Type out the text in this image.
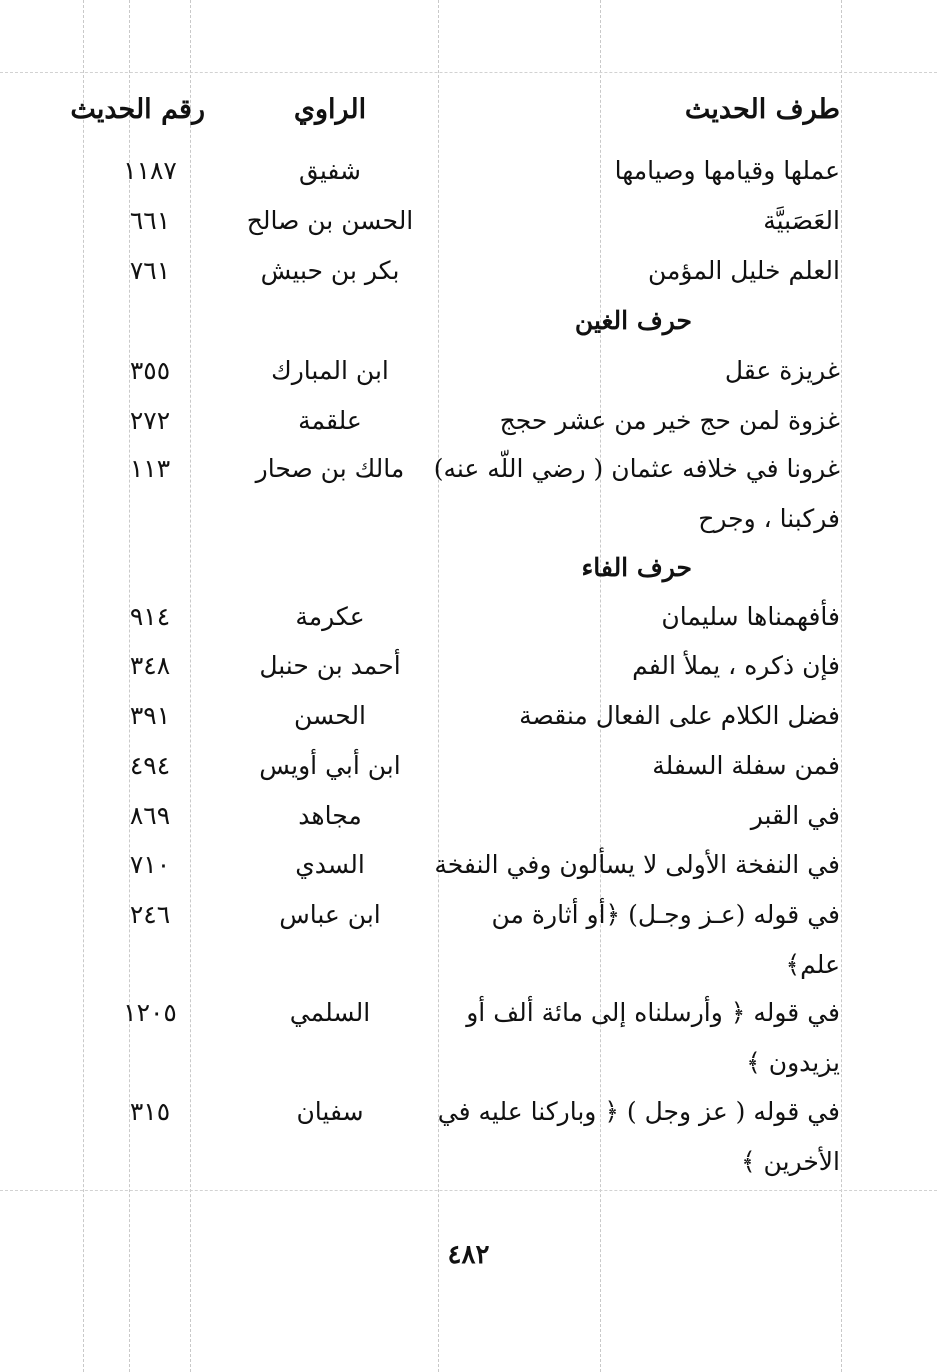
طرف الحديث
الراوي
رقم الحديث
عملها وقيامها وصيامها
شفيق
١١٨٧
العَصَبيَّة
الحسن بن صالح
٦٦١
العلم خليل المؤمن
بكر بن حبيش
٧٦١
حرف الغين
غريزة عقل
ابن المبارك
٣٥٥
غزوة لمن حج خير من عشر حجج
علقمة
٢٧٢
غرونا في خلافه عثمان ( رضي اللّه عنه)
مالك بن صحار
١١٣
فركبنا ، وجرح
حرف الفاء
فأفهمناها سليمان
عكرمة
٩١٤
فإن ذكره ، يملأ الفم
أحمد بن حنبل
٣٤٨
فضل الكلام على الفعال منقصة
الحسن
٣٩١
فمن سفلة السفلة
ابن أبي أويس
٤٩٤
في القبر
مجاهد
٨٦٩
في النفخة الأولى لا يسألون وفي النفخة
السدي
٧١٠
في قوله (عـز وجـل) ﴿أو أثارة من
ابن عباس
٢٤٦
علم﴾
في قوله ﴿ وأرسلناه إلى مائة ألف أو
السلمي
١٢٠٥
يزيدون ﴾
في قوله ( عز وجل ) ﴿ وباركنا عليه في
سفيان
٣١٥
الأخرين ﴾
٤٨٢
